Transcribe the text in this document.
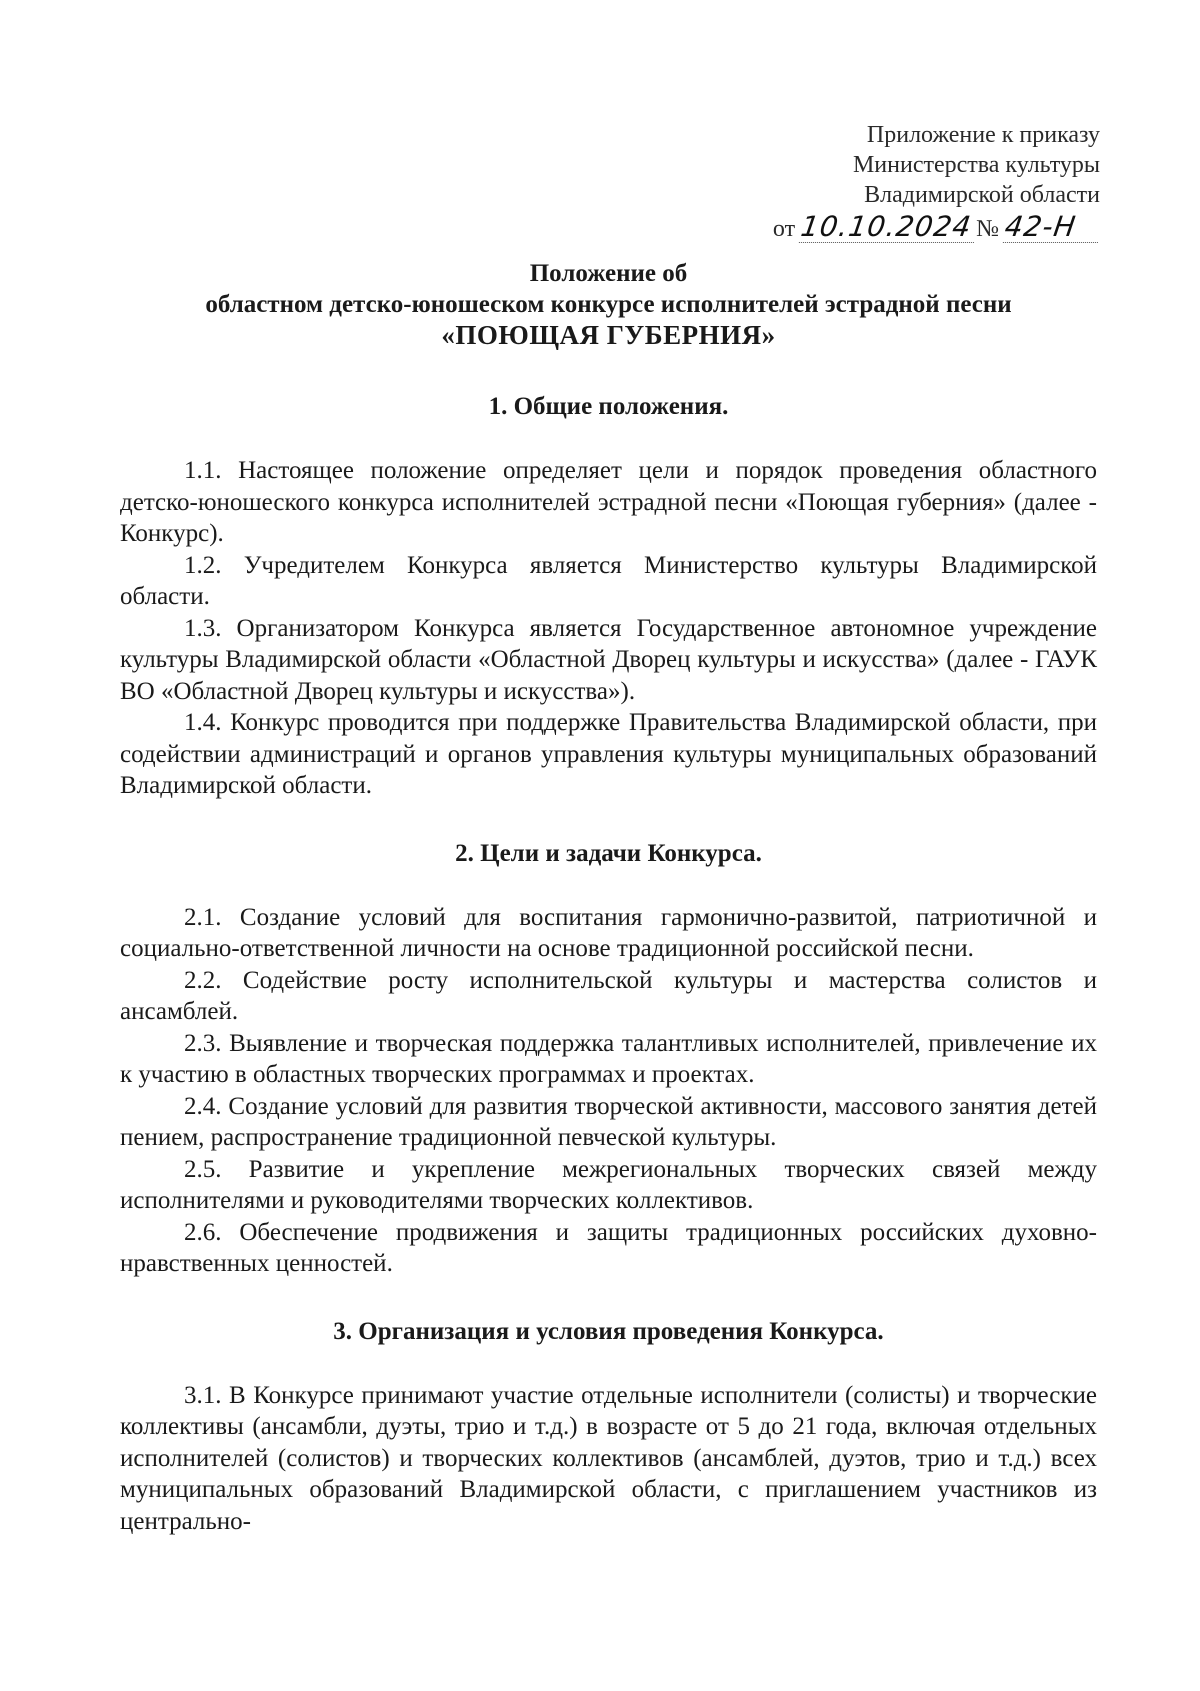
Приложение к приказу
Министерства культуры
Владимирской области
от 10.10.2024№ 42-Н
Положение об
областном детско-юношеском конкурсе исполнителей эстрадной песни
«ПОЮЩАЯ ГУБЕРНИЯ»
1. Общие положения.

1.1. Настоящее положение определяет цели и порядок проведения областного детско-юношеского конкурса исполнителей эстрадной песни «Поющая губерния» (далее - Конкурс).

1.2. Учредителем Конкурса является Министерство культуры Владимирской области.

1.3. Организатором Конкурса является Государственное автономное учреждение культуры Владимирской области «Областной Дворец культуры и искусства» (далее - ГАУК ВО «Областной Дворец культуры и искусства»).

1.4. Конкурс проводится при поддержке Правительства Владимирской области, при содействии администраций и органов управления культуры муниципальных образований Владимирской области.

2. Цели и задачи Конкурса.

2.1. Создание условий для воспитания гармонично-развитой, патриотичной и социально-ответственной личности на основе традиционной российской песни.

2.2. Содействие росту исполнительской культуры и мастерства солистов и ансамблей.

2.3. Выявление и творческая поддержка талантливых исполнителей, привлечение их к участию в областных творческих программах и проектах.

2.4. Создание условий для развития творческой активности, массового занятия детей пением, распространение традиционной певческой культуры.

2.5. Развитие и укрепление межрегиональных творческих связей между исполнителями и руководителями творческих коллективов.

2.6. Обеспечение продвижения и защиты традиционных российских духовно-нравственных ценностей.

3. Организация и условия проведения Конкурса.

3.1. В Конкурсе принимают участие отдельные исполнители (солисты) и творческие коллективы (ансамбли, дуэты, трио и т.д.) в возрасте от 5 до 21 года, включая отдельных исполнителей (солистов) и творческих коллективов (ансамблей, дуэтов, трио и т.д.) всех муниципальных образований Владимирской области, с приглашением участников из центрально-
